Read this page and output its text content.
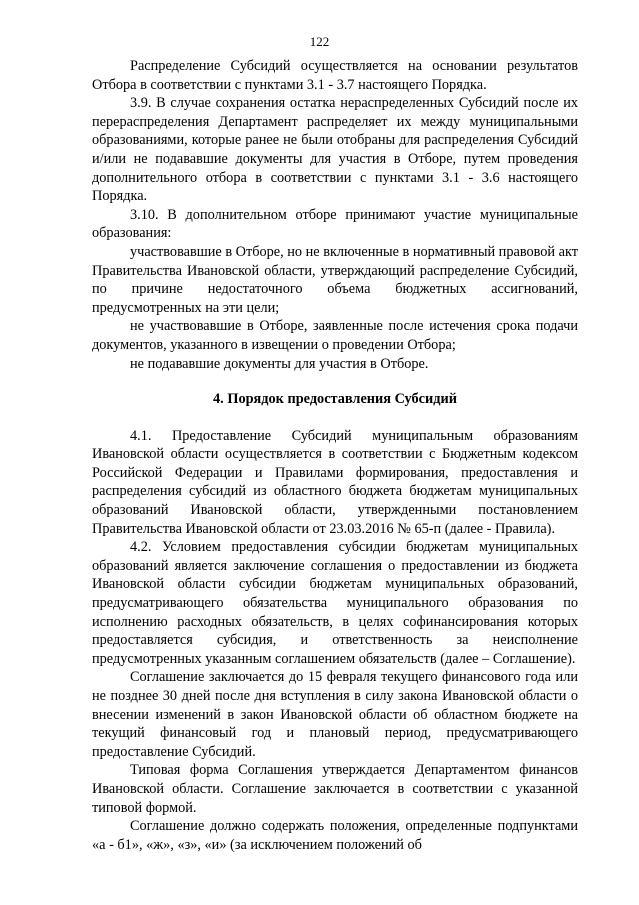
122

Распределение Субсидий осуществляется на основании результатов Отбора в соответствии с пунктами 3.1 - 3.7 настоящего Порядка.

3.9. В случае сохранения остатка нераспределенных Субсидий после их перераспределения Департамент распределяет их между муниципальными образованиями, которые ранее не были отобраны для распределения Субсидий и/или не подававшие документы для участия в Отборе, путем проведения дополнительного отбора в соответствии с пунктами 3.1 - 3.6 настоящего Порядка.

3.10. В дополнительном отборе принимают участие муниципальные образования:

участвовавшие в Отборе, но не включенные в нормативный правовой акт Правительства Ивановской области, утверждающий распределение Субсидий, по причине недостаточного объема бюджетных ассигнований, предусмотренных на эти цели;

не участвовавшие в Отборе, заявленные после истечения срока подачи документов, указанного в извещении о проведении Отбора;

не подававшие документы для участия в Отборе.

4. Порядок предоставления Субсидий

4.1. Предоставление Субсидий муниципальным образованиям Ивановской области осуществляется в соответствии с Бюджетным кодексом Российской Федерации и Правилами формирования, предоставления и распределения субсидий из областного бюджета бюджетам муниципальных образований Ивановской области, утвержденными постановлением Правительства Ивановской области от 23.03.2016 № 65-п (далее - Правила).

4.2. Условием предоставления субсидии бюджетам муниципальных образований является заключение соглашения о предоставлении из бюджета Ивановской области субсидии бюджетам муниципальных образований, предусматривающего обязательства муниципального образования по исполнению расходных обязательств, в целях софинансирования которых предоставляется субсидия, и ответственность за неисполнение предусмотренных указанным соглашением обязательств (далее – Соглашение).

Соглашение заключается до 15 февраля текущего финансового года или не позднее 30 дней после дня вступления в силу закона Ивановской области о внесении изменений в закон Ивановской области об областном бюджете на текущий финансовый год и плановый период, предусматривающего предоставление Субсидий.

Типовая форма Соглашения утверждается Департаментом финансов Ивановской области. Соглашение заключается в соответствии с указанной типовой формой.

Соглашение должно содержать положения, определенные подпунктами «а - б1», «ж», «з», «и» (за исключением положений об
